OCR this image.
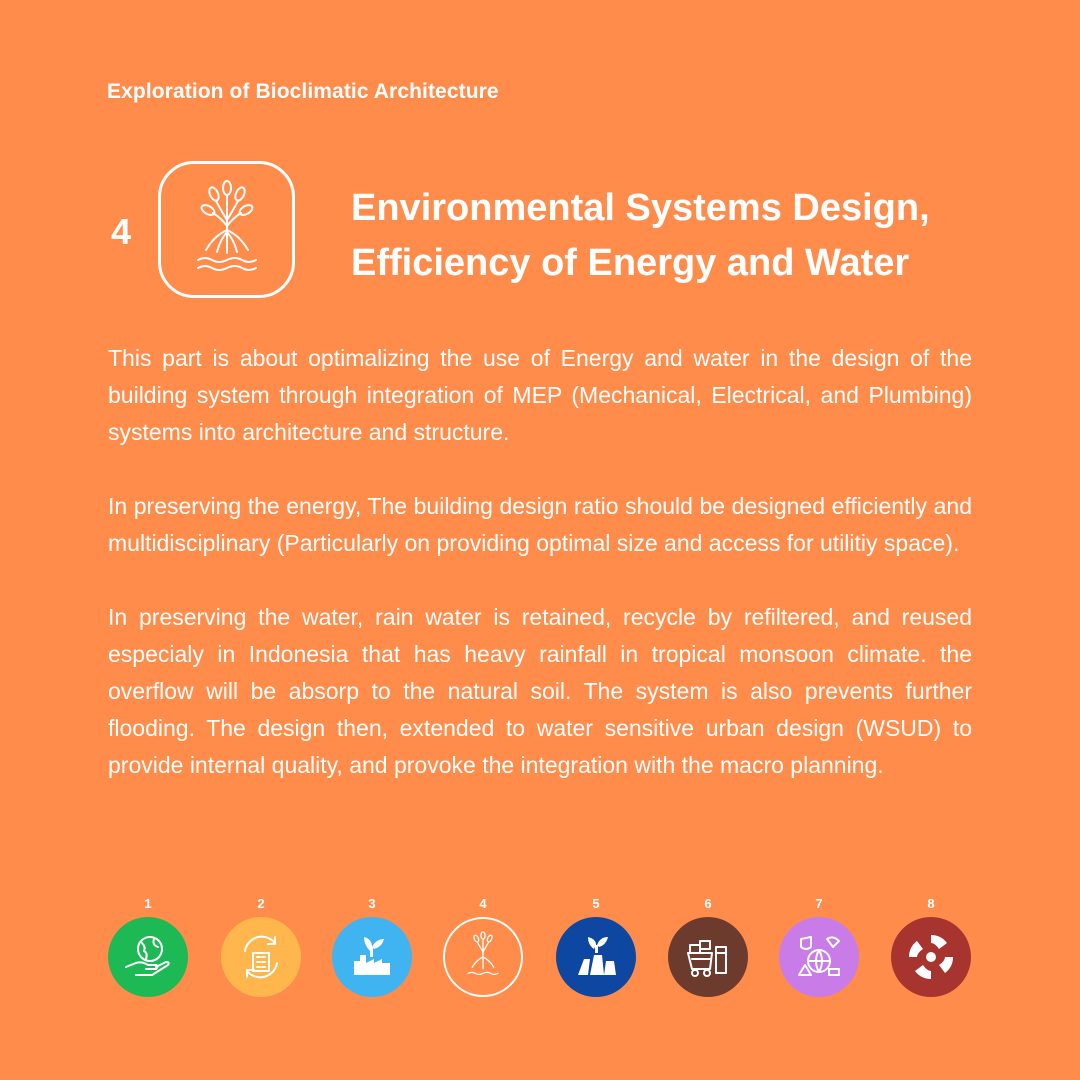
Exploration of Bioclimatic Architecture
4
Environmental Systems Design,
Efficiency of Energy and Water

This part is about optimalizing the use of Energy and water in the design of the building system through integration of MEP (Mechanical, Electrical, and Plumbing) systems into architecture and structure.

In preserving the energy, The building design ratio should be designed efficiently and multidisciplinary (Particularly on providing optimal size and access for utilitiy space).

In preserving the water, rain water is retained, recycle by refiltered, and reused especialy in Indonesia that has heavy rainfall in tropical monsoon climate. the overflow will be absorp to the natural soil. The system is also prevents further flooding. The design then, extended to water sensitive urban design (WSUD) to provide internal quality, and provoke the integration with the macro planning.

1	2	3	4	5	6	7	8
